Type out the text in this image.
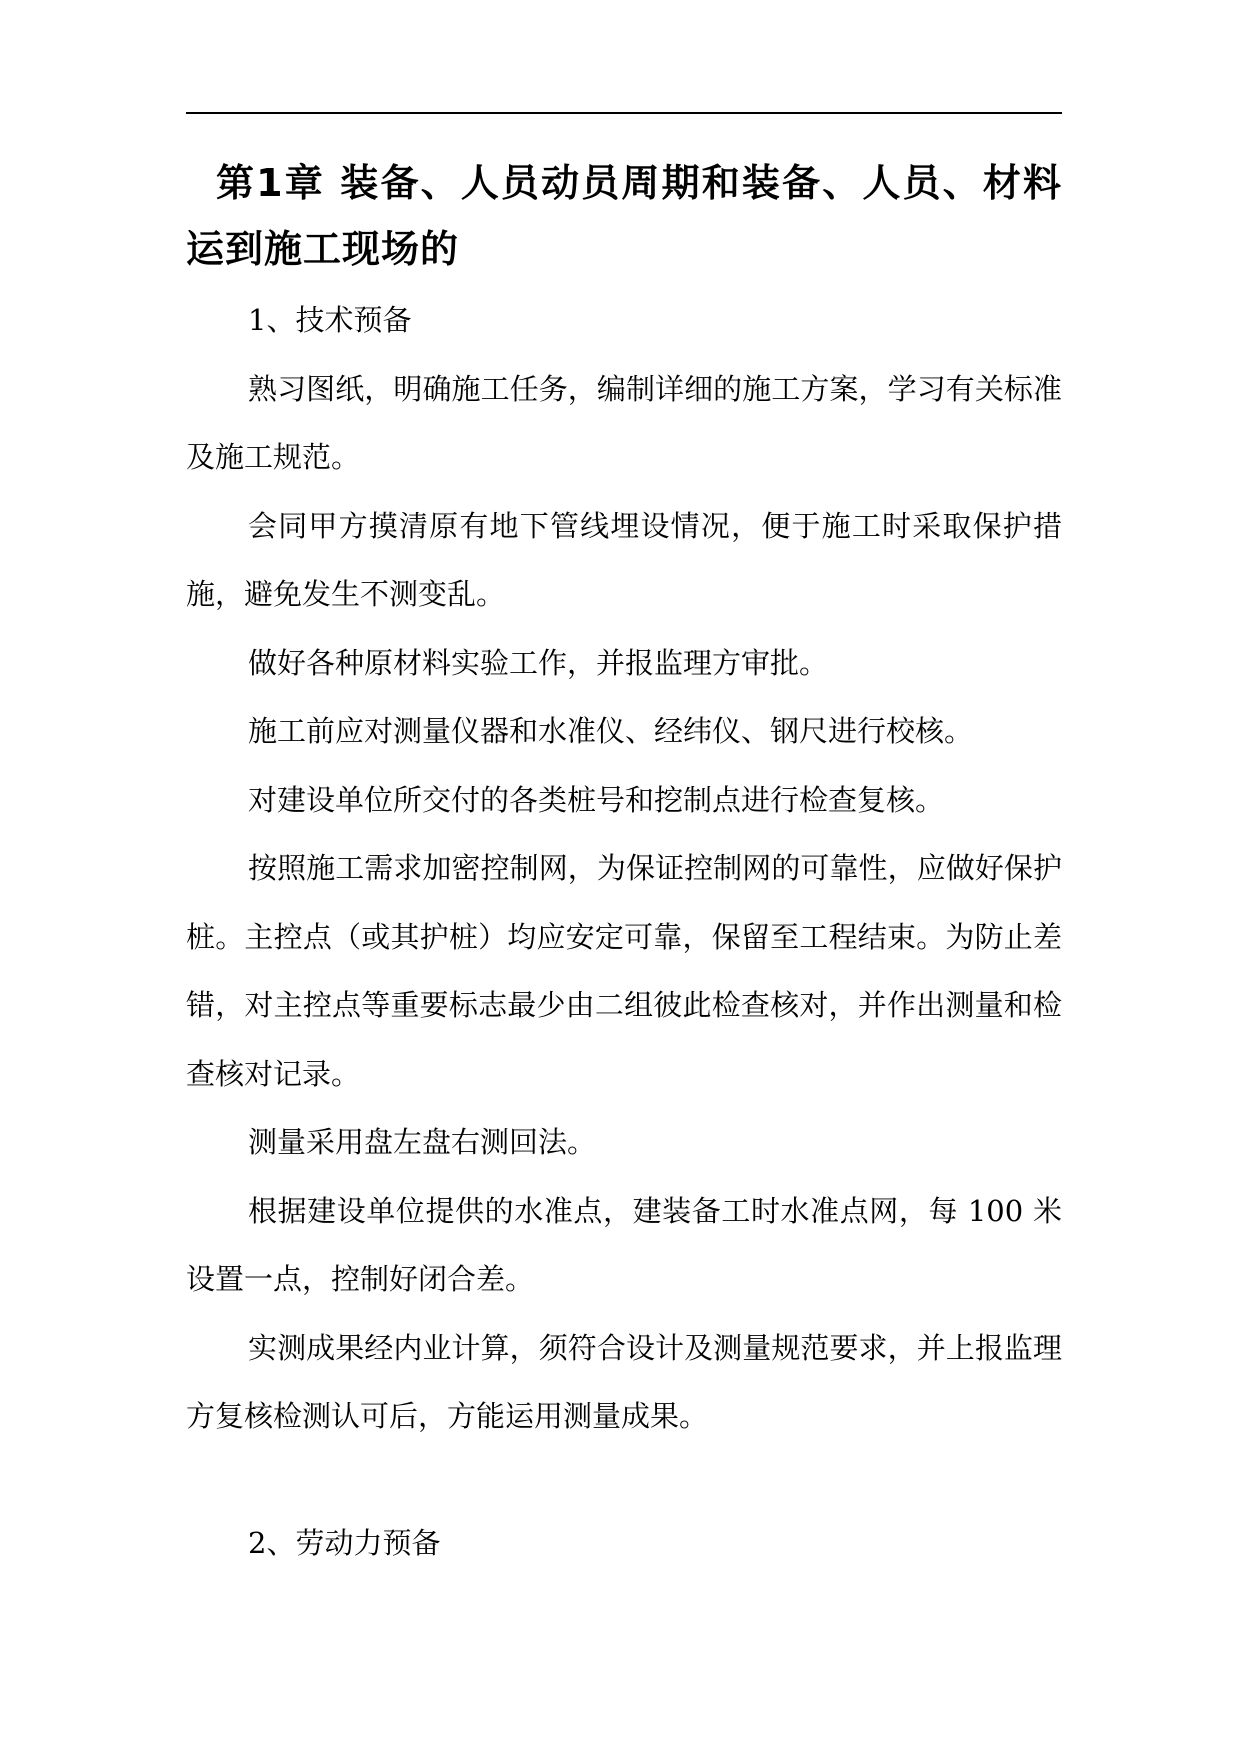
第1章 装备、人员动员周期和装备、人员、材料运到施工现场的

1、技术预备

熟习图纸，明确施工任务，编制详细的施工方案，学习有关标准及施工规范。

会同甲方摸清原有地下管线埋设情况，便于施工时采取保护措施，避免发生不测变乱。

做好各种原材料实验工作，并报监理方审批。

施工前应对测量仪器和水准仪、经纬仪、钢尺进行校核。

对建设单位所交付的各类桩号和挖制点进行检查复核。

按照施工需求加密控制网，为保证控制网的可靠性，应做好保护桩。主控点（或其护桩）均应安定可靠，保留至工程结束。为防止差错，对主控点等重要标志最少由二组彼此检查核对，并作出测量和检查核对记录。

测量采用盘左盘右测回法。

根据建设单位提供的水准点，建装备工时水准点网，每 100 米设置一点，控制好闭合差。

实测成果经内业计算，须符合设计及测量规范要求，并上报监理方复核检测认可后，方能运用测量成果。

2、劳动力预备
